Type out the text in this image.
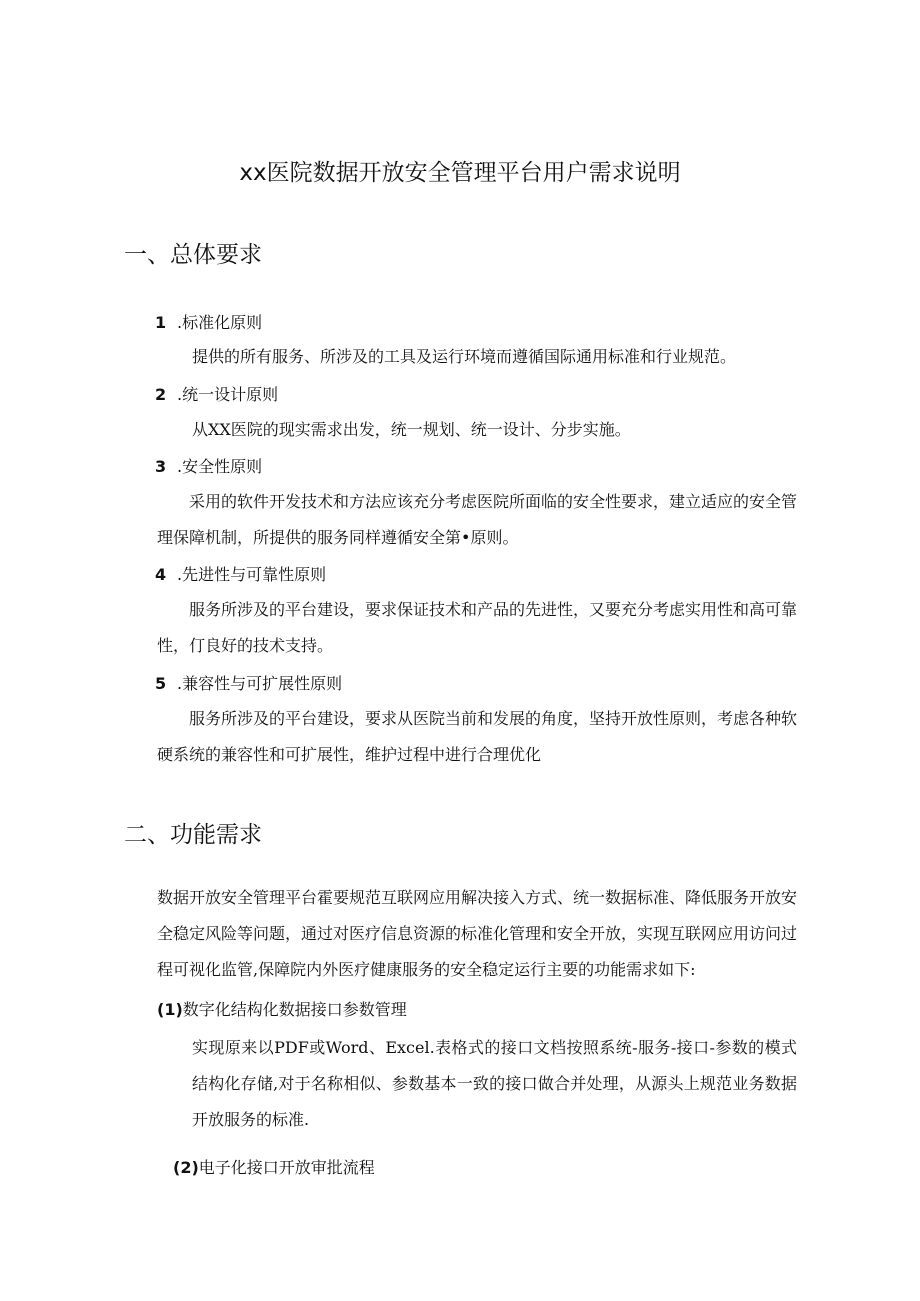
xx医院数据开放安全管理平台用户需求说明
一、总体要求
1 .标准化原则
提供的所有服务、所涉及的工具及运行环境而遵循国际通用标准和行业规范。
2 .统一设计原则
从XX医院的现实需求出发，统一规划、统一设计、分步实施。
3 .安全性原则
采用的软件开发技术和方法应该充分考虑医院所面临的安全性要求，建立适应的安全管理保障机制，所提供的服务同样遵循安全第•原则。
4 .先进性与可靠性原则
服务所涉及的平台建设，要求保证技术和产品的先进性，又要充分考虑实用性和高可靠性，仃良好的技术支持。
5 .兼容性与可扩展性原则
服务所涉及的平台建设，要求从医院当前和发展的角度，坚持开放性原则，考虑各种软硬系统的兼容性和可扩展性，维护过程中进行合理优化
二、功能需求
数据开放安全管理平台霍要规范互联网应用解决接入方式、统一数据标准、降低服务开放安全稳定风险等问题，通过对医疗信息资源的标准化管理和安全开放，实现互联网应用访问过程可视化监管,保障院内外医疗健康服务的安全稳定运行主要的功能需求如下:
(1)数字化结构化数据接口参数管理
实现原来以PDF或Word、Excel.表格式的接口文档按照系统-服务-接口-参数的模式结构化存储,对于名称相似、参数基本一致的接口做合并处理，从源头上规范业务数据开放服务的标准.
(2)电子化接口开放审批流程
